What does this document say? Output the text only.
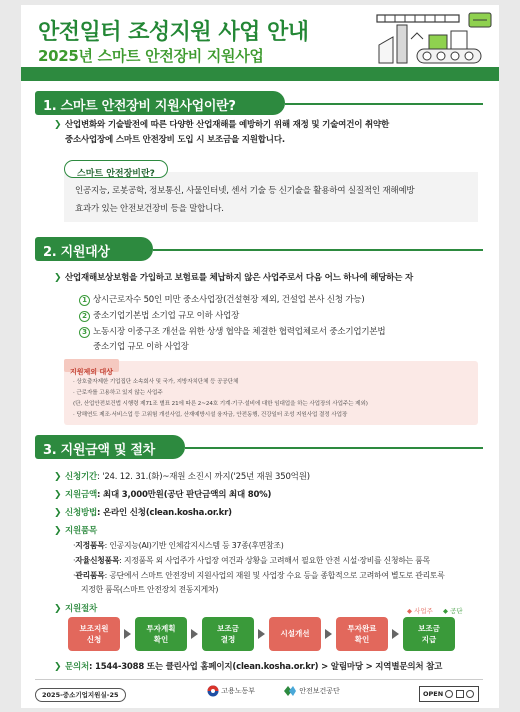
안전일터 조성지원 사업 안내
2025년 스마트 안전장비 지원사업
1. 스마트 안전장비 지원사업이란?
❯ 산업변화와 기술발전에 따른 다양한 산업재해를 예방하기 위해 재정 및 기술여건이 취약한
중소사업장에 스마트 안전장비 도입 시 보조금을 지원합니다.
스마트 안전장비란?
인공지능, 로봇공학, 정보통신, 사물인터넷, 센서 기술 등 신기술을 활용하여 실질적인 재해예방
효과가 있는 안전보건장비 등을 말합니다.
2. 지원대상
❯ 산업재해보상보험을 가입하고 보험료를 체납하지 않은 사업주로서 다음 어느 하나에 해당하는 자
1 상시근로자수 50인 미만 중소사업장(건설현장 제외, 건설업 본사 신청 가능)
2 중소기업기본법 소기업 규모 이하 사업장
3 노동시장 이중구조 개선을 위한 상생 협약을 체결한 협력업체로서 중소기업기본법
중소기업 규모 이하 사업장
지원제외 대상
· 상호출자제한 기업집단 소속회사 및 국가, 지방자치단체 등 공공단체
· 근로자를 고용하고 있지 않는 사업주
(단, 산업안전보건법 시행령 제71조 별표 21에 따른 2~24호 기계·기구·설비에 대한 임대업을 하는 사업장의 사업주는 제외)
· 당해연도 제조·서비스업 등 고위험 개선사업, 산재예방시설 융자금, 안전동행, 건강일터 조성 지원사업 결정 사업장
3. 지원금액 및 절차
❯ 신청기간: '24. 12. 31.(화)~재원 소진시 까지('25년 재원 350억원)
❯ 지원금액: 최대 3,000만원(공단 판단금액의 최대 80%)
❯ 신청방법: 온라인 신청(clean.kosha.or.kr)
❯ 지원품목
·지정품목: 인공지능(AI)기반 인체감지시스템 등 37종(후면참조)
·자율신청품목: 지정품목 외 사업주가 사업장 여건과 상황을 고려해서 필요한 안전 시설·장비를 신청하는 품목
·관리품목: 공단에서 스마트 안전장비 지원사업의 재원 및 사업장 수요 등을 종합적으로 고려하여 별도로 관리토록
지정한 품목(스마트 안전장치 전동지게차)
❯ 지원절차	◆ 사업주 ◆ 공단
보조지원
신청
투자계획
확인
보조금
결정
시설개선
투자완료
확인
보조금
지급
❯ 문의처: 1544-3088 또는 클린사업 홈페이지(clean.kosha.or.kr) > 알림마당 > 지역별문의처 참고
2025-중소기업지원실-25	고용노동부	안전보건공단	OPEN
